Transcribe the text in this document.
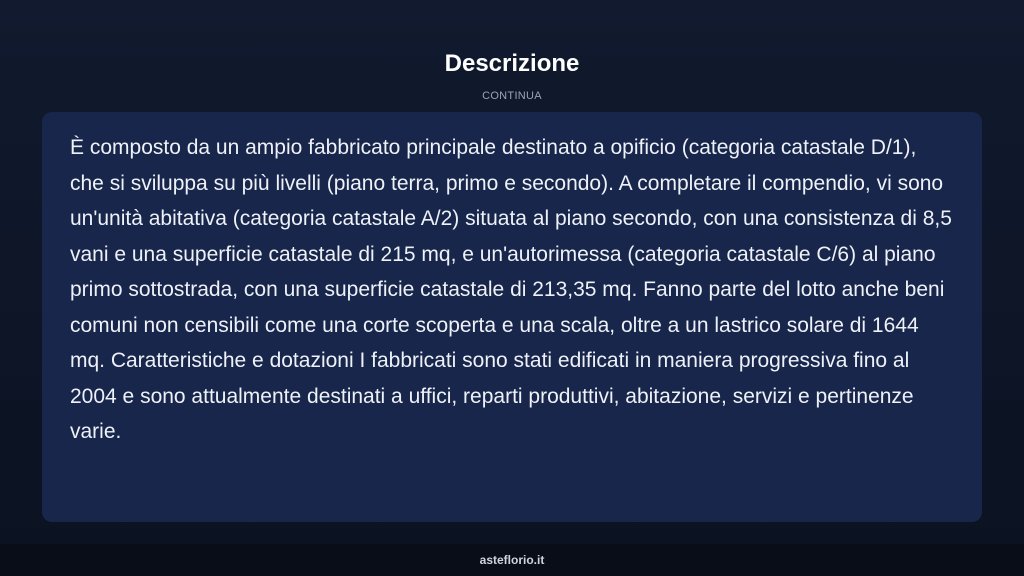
Descrizione
CONTINUA

È composto da un ampio fabbricato principale destinato a opificio (categoria catastale D/1), che si sviluppa su più livelli (piano terra, primo e secondo). A completare il compendio, vi sono un'unità abitativa (categoria catastale A/2) situata al piano secondo, con una consistenza di 8,5 vani e una superficie catastale di 215 mq, e un'autorimessa (categoria catastale C/6) al piano primo sottostrada, con una superficie catastale di 213,35 mq. Fanno parte del lotto anche beni comuni non censibili come una corte scoperta e una scala, oltre a un lastrico solare di 1644 mq. Caratteristiche e dotazioni I fabbricati sono stati edificati in maniera progressiva fino al 2004 e sono attualmente destinati a uffici, reparti produttivi, abitazione, servizi e pertinenze varie.

asteflorio.it
